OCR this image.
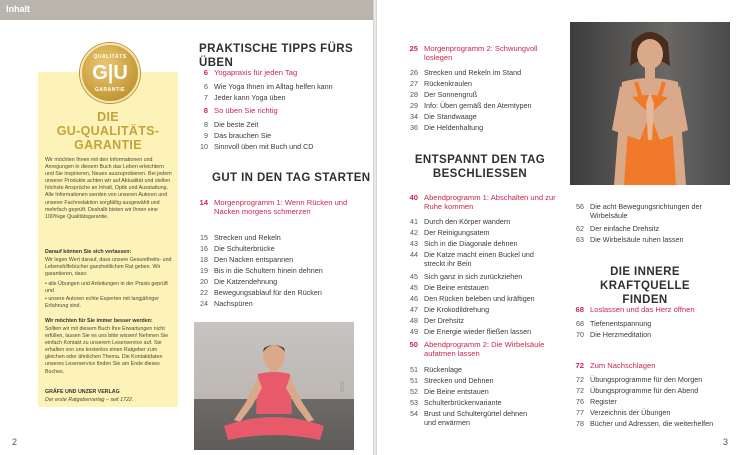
Inhalt
2
QUALITÄTS
G|U
GARANTIE
DIE
GU-QUALITÄTS-
GARANTIE
Wir möchten Ihnen mit den Informationen und Anregungen in diesem Buch das Leben erleichtern und Sie inspirieren, Neues auszuprobieren. Bei jedem unserer Produkte achten wir auf Aktualität und stellen höchste Ansprüche an Inhalt, Optik und Ausstattung. Alle Informationen werden von unseren Autoren und unserer Fachredaktion sorgfältig ausgewählt und mehrfach geprüft. Deshalb bieten wir Ihnen eine 100%ige Qualitätsgarantie.
Darauf können Sie sich verlassen:
Wir legen Wert darauf, dass unsere Gesundheits- und Lebenshilfebücher ganzheitlichen Rat geben. Wir garantieren, dass:
• alle Übungen und Anleitungen in der Praxis geprüft und
• unsere Autoren echte Experten mit langjähriger Erfahrung sind.
Wir möchten für Sie immer besser werden:
Sollten wir mit diesem Buch Ihre Erwartungen nicht erfüllen, lassen Sie es uns bitte wissen! Nehmen Sie einfach Kontakt zu unserem Leserservice auf. Sie erhalten von uns kostenlos einen Ratgeber zum gleichen oder ähnlichen Thema. Die Kontaktdaten unseres Leserservice finden Sie am Ende dieses Buches.
GRÄFE UND UNZER VERLAG
Der erste Ratgeberverlag – seit 1722.
ID35
PRAKTISCHE TIPPS FÜRS ÜBEN
6 Yogapraxis für jeden Tag
6 Wie Yoga Ihnen im Alltag helfen kann
7 Jeder kann Yoga üben
8 So üben Sie richtig
8 Die beste Zeit
9 Das brauchen Sie
10 Sinnvoll üben mit Buch und CD
GUT IN DEN TAG STARTEN
14 Morgenprogramm 1: Wenn Rücken und Nacken morgens schmerzen
15 Strecken und Rekeln
16 Die Schulterbrücke
18 Den Nacken entspannen
19 Bis in die Schultern hinein dehnen
20 Die Katzendehnung
22 Bewegungsablauf für den Rücken
24 Nachspüren
3
25 Morgenprogramm 2: Schwungvoll loslegen
26 Strecken und Rekeln im Stand
27 Rückenkraulen
28 Der Sonnengruß
29 Info: Üben gemäß den Atemtypen
34 Die Standwaage
36 Die Heldenhaltung
ENTSPANNT DEN TAG
BESCHLIESSEN
40 Abendprogramm 1: Abschalten und zur Ruhe kommen
41 Durch den Körper wandern
42 Der Reinigungsatem
43 Sich in die Diagonale dehnen
44 Die Katze macht einen Buckel und streckt ihr Bein
45 Sich ganz in sich zurückziehen
45 Die Beine entstauen
46 Den Rücken beleben und kräftigen
47 Die Krokodildrehung
48 Der Drehsitz
49 Die Energie wieder fließen lassen
50 Abendprogramm 2: Die Wirbelsäule aufatmen lassen
51 Rückenlage
51 Strecken und Dehnen
52 Die Beine entstauen
53 Schulterbrückenvariante
54 Brust und Schultergürtel dehnen und erwärmen
56 Die acht Bewegungsrichtungen der Wirbelsäule
62 Der einfache Drehsitz
63 Die Wirbelsäule ruhen lassen
DIE INNERE KRAFTQUELLE
FINDEN
68 Loslassen und das Herz öffnen
68 Tiefenentspannung
70 Die Herzmeditation
72 Zum Nachschlagen
72 Übungsprogramme für den Morgen
72 Übungsprogramme für den Abend
76 Register
77 Verzeichnis der Übungen
78 Bücher und Adressen, die weiterhelfen
